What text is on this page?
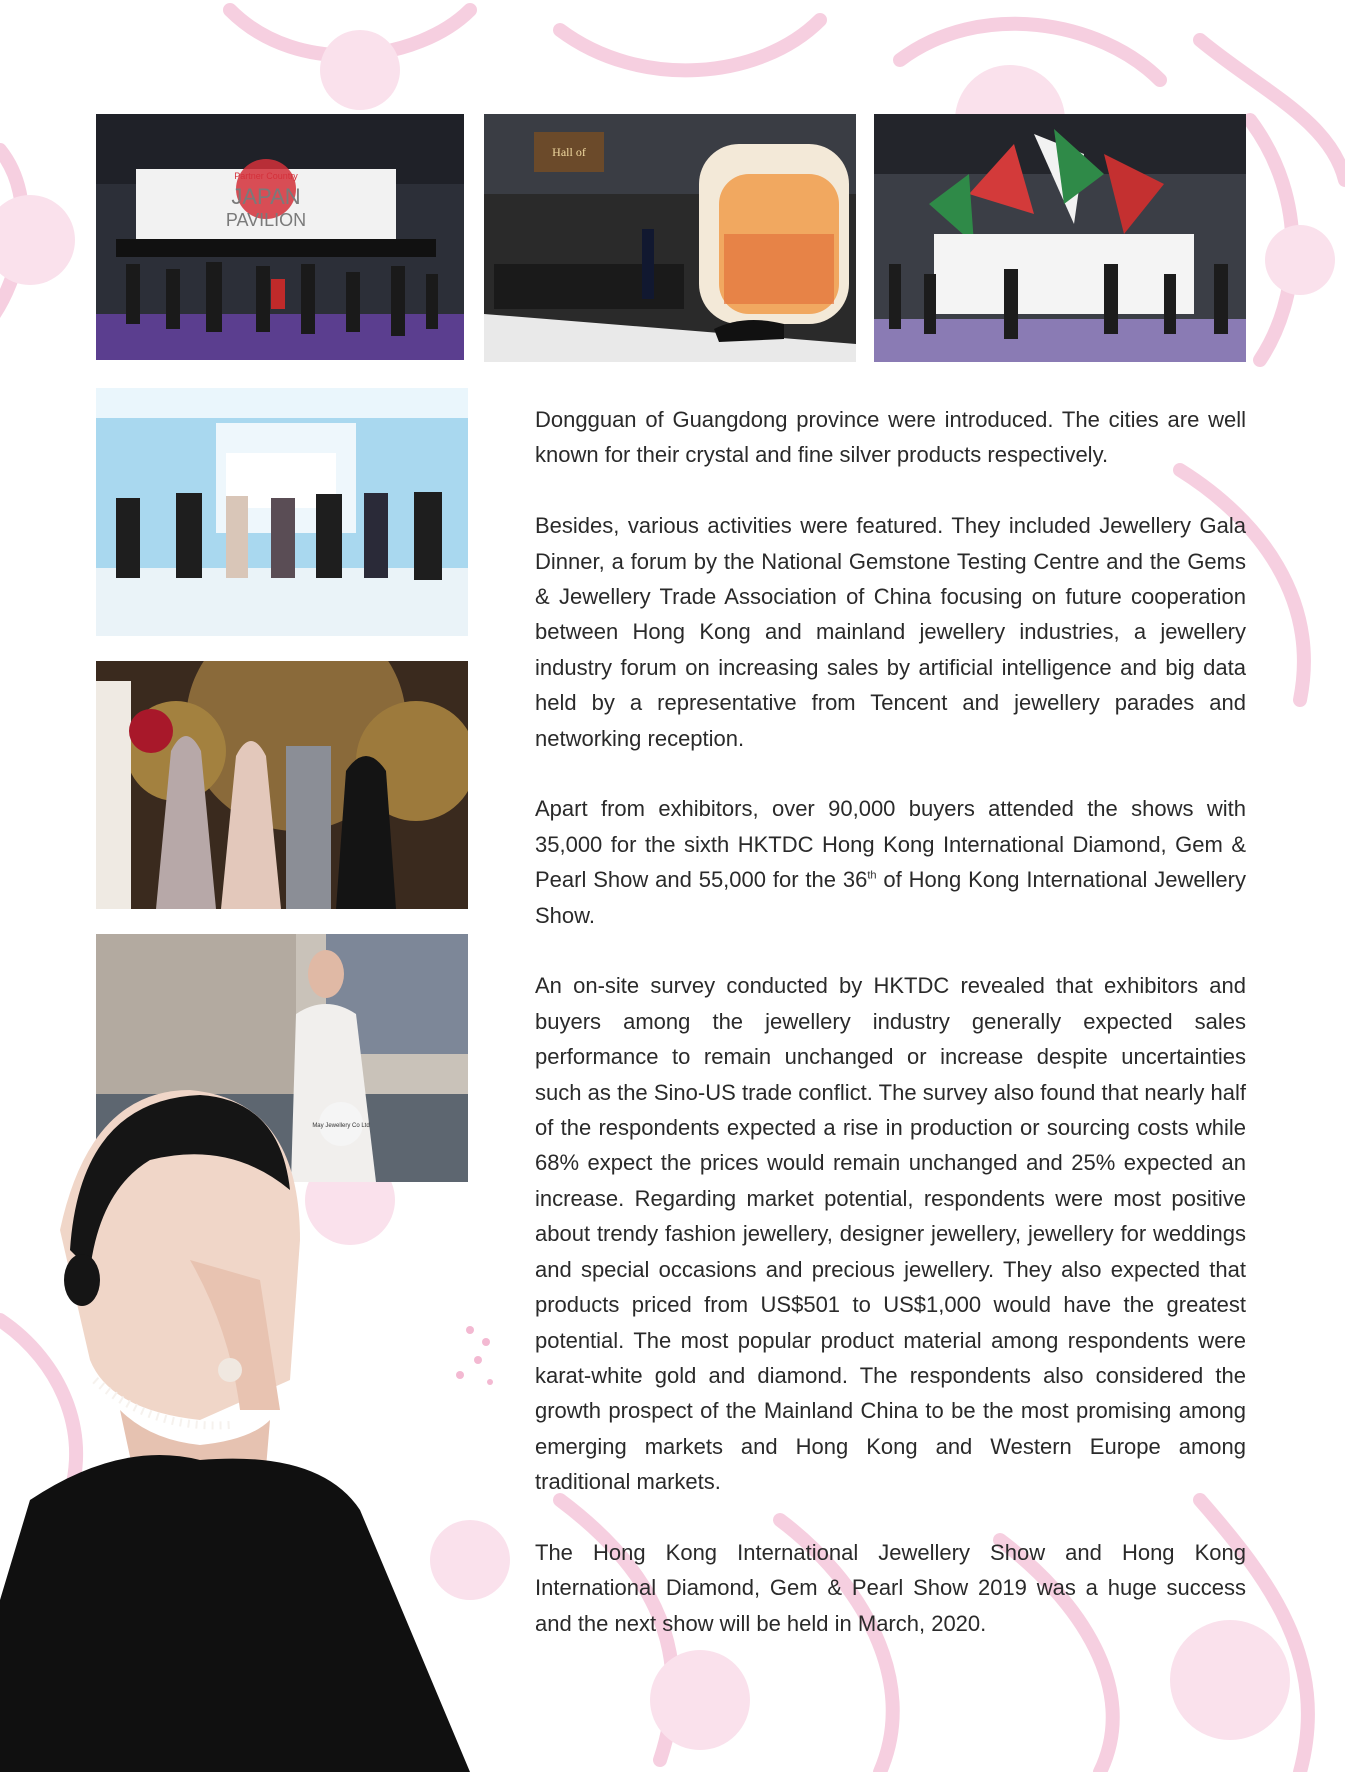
Partner Country
JAPAN
PAVILION
Hall of
May Jewellery Co Ltd

Dongguan of Guangdong province were introduced. The cities are well known for their crystal and fine silver products respectively.

Besides, various activities were featured. They included Jewellery Gala Dinner, a forum by the National Gemstone Testing Centre and the Gems & Jewellery Trade Association of China focusing on future cooperation between Hong Kong and mainland jewellery industries, a jewellery industry forum on increasing sales by artificial intelligence and big data held by a representative from Tencent and jewellery parades and networking reception.

Apart from exhibitors, over 90,000 buyers attended the shows with 35,000 for the sixth HKTDC Hong Kong International Diamond, Gem & Pearl Show and 55,000 for the 36th of Hong Kong International Jewellery Show.

An on-site survey conducted by HKTDC revealed that exhibitors and buyers among the jewellery industry generally expected sales performance to remain unchanged or increase despite uncertainties such as the Sino-US trade conflict. The survey also found that nearly half of the respondents expected a rise in production or sourcing costs while 68% expect the prices would remain unchanged and 25% expected an increase. Regarding market potential, respondents were most positive about trendy fashion jewellery, designer jewellery, jewellery for weddings and special occasions and precious jewellery. They also expected that products priced from US$501 to US$1,000 would have the greatest potential. The most popular product material among respondents were karat-white gold and diamond. The respondents also considered the growth prospect of the Mainland China to be the most promising among emerging markets and Hong Kong and Western Europe among traditional markets.

The Hong Kong International Jewellery Show and Hong Kong International Diamond, Gem & Pearl Show 2019 was a huge success and the next show will be held in March, 2020.
